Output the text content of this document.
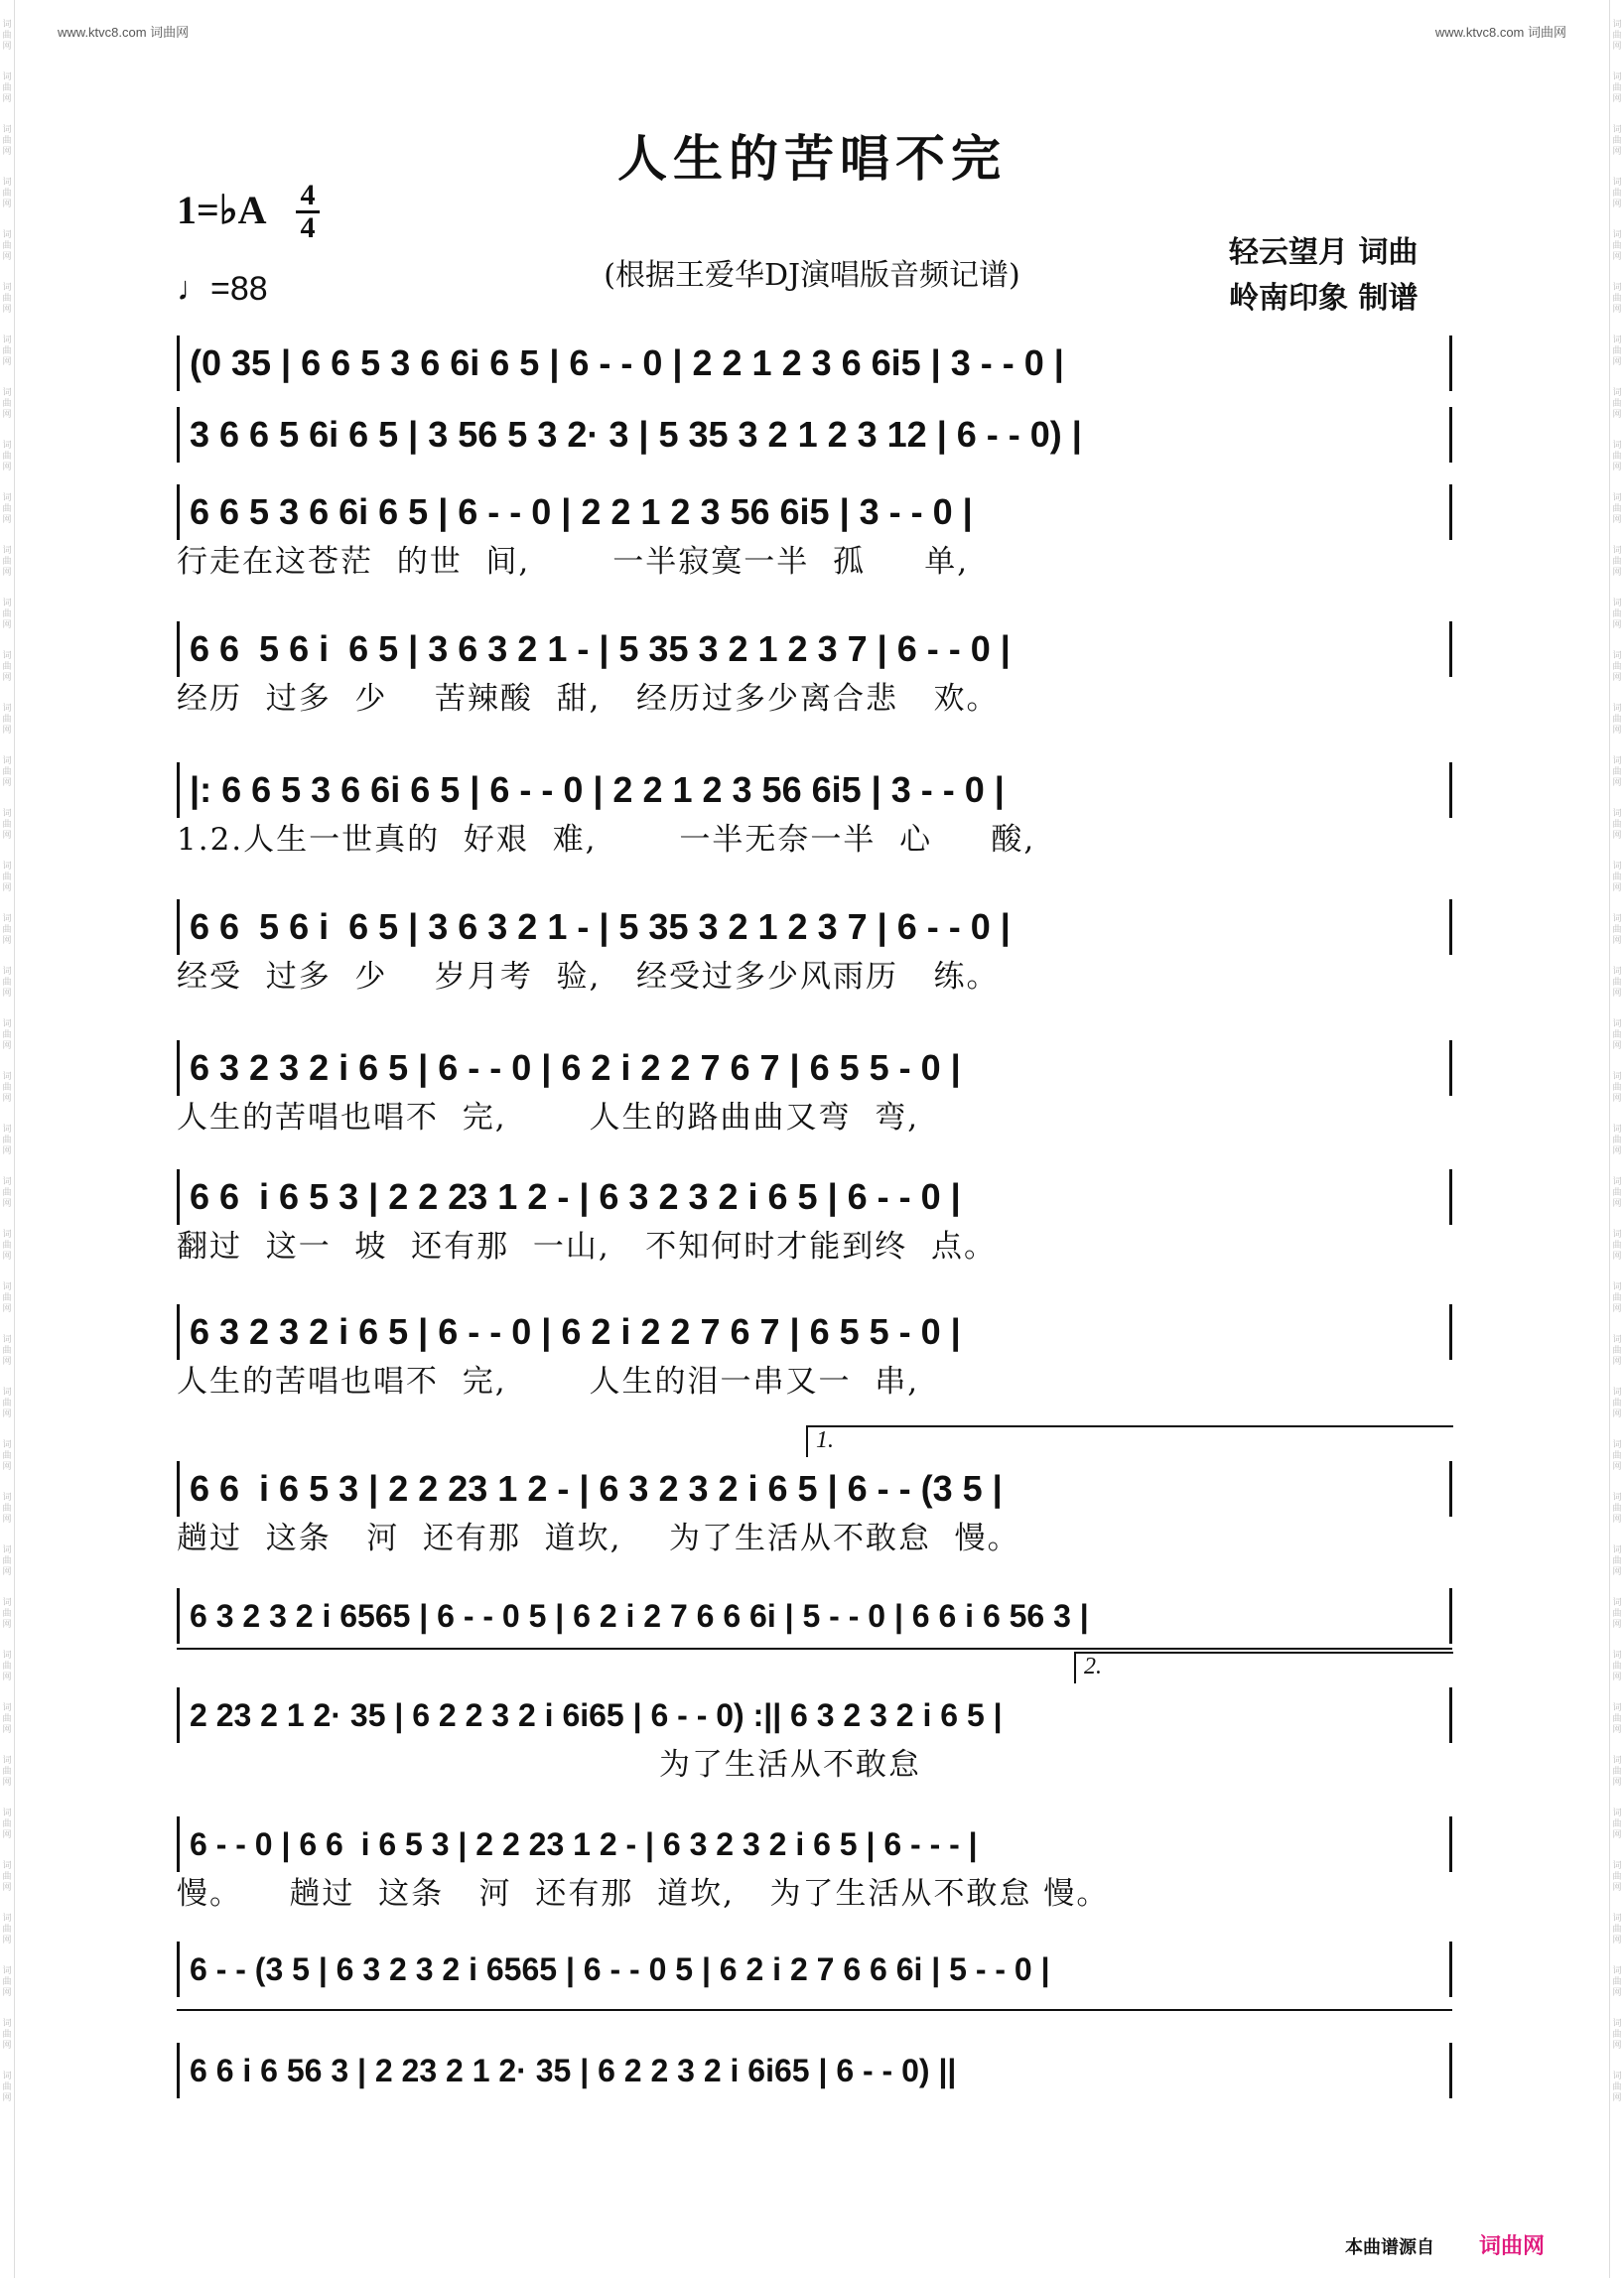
www.ktvc8.com 词曲网	www.ktvc8.com 词曲网
词曲网
词曲网
词曲网
词曲网
词曲网
词曲网
词曲网
词曲网
词曲网
词曲网
词曲网
词曲网
词曲网
词曲网
词曲网
词曲网
词曲网
词曲网
词曲网
词曲网
词曲网
词曲网
词曲网
词曲网
词曲网
词曲网
词曲网
词曲网
词曲网
词曲网
词曲网
词曲网
词曲网
词曲网
词曲网
词曲网
词曲网
词曲网
词曲网
词曲网
词曲网
词曲网
词曲网
词曲网
词曲网
词曲网
词曲网
词曲网
词曲网
词曲网
词曲网
词曲网
词曲网
词曲网
词曲网
词曲网
词曲网
词曲网
词曲网
词曲网
词曲网
词曲网
词曲网
词曲网
词曲网
词曲网
词曲网
词曲网
词曲网
词曲网
词曲网
词曲网
词曲网
词曲网
词曲网
词曲网
词曲网
词曲网
词曲网
词曲网
人生的苦唱不完
1=♭A 4
4
♩=88	(根据王爱华DJ演唱版音频记谱)
轻云望月 词曲
岭南印象 制谱
(0 35 | 6 6 5 3 6 6i 6 5 | 6 - - 0 | 2 2 1 2 3 6 6i5 | 3 - - 0 |
3 6 6 5 6i 6 5 | 3 56 5 3 2· 3 | 5 35 3 2 1 2 3 12 | 6 - - 0) |
6 6 5 3 6 6i 6 5 | 6 - - 0 | 2 2 1 2 3 56 6i5 | 3 - - 0 |
行走在这苍茫  的世  间,       一半寂寞一半  孤     单,
6 6  5 6 i  6 5 | 3 6 3 2 1 - | 5 35 3 2 1 2 3 7 | 6 - - 0 |
经历  过多  少    苦辣酸  甜,   经历过多少离合悲   欢。
|: 6 6 5 3 6 6i 6 5 | 6 - - 0 | 2 2 1 2 3 56 6i5 | 3 - - 0 |
1.2.人生一世真的  好艰  难,       一半无奈一半  心     酸,
6 6  5 6 i  6 5 | 3 6 3 2 1 - | 5 35 3 2 1 2 3 7 | 6 - - 0 |
经受  过多  少    岁月考  验,   经受过多少风雨历   练。
6 3 2 3 2 i 6 5 | 6 - - 0 | 6 2 i 2 2 7 6 7 | 6 5 5 - 0 |
人生的苦唱也唱不  完,       人生的路曲曲又弯  弯,
6 6  i 6 5 3 | 2 2 23 1 2 - | 6 3 2 3 2 i 6 5 | 6 - - 0 |
翻过  这一  坡  还有那  一山,   不知何时才能到终  点。
6 3 2 3 2 i 6 5 | 6 - - 0 | 6 2 i 2 2 7 6 7 | 6 5 5 - 0 |
人生的苦唱也唱不  完,       人生的泪一串又一  串,
1.
6 6  i 6 5 3 | 2 2 23 1 2 - | 6 3 2 3 2 i 6 5 | 6 - - (3 5 |
趟过  这条   河  还有那  道坎,    为了生活从不敢怠  慢。
6 3 2 3 2 i 6565 | 6 - - 0 5 | 6 2 i 2 7 6 6 6i | 5 - - 0 | 6 6 i 6 56 3 |
2.
2 23 2 1 2· 35 | 6 2 2 3 2 i 6i65 | 6 - - 0) :|| 6 3 2 3 2 i 6 5 |
为了生活从不敢怠
6 - - 0 | 6 6  i 6 5 3 | 2 2 23 1 2 - | 6 3 2 3 2 i 6 5 | 6 - - - |
慢。    趟过  这条   河  还有那  道坎,   为了生活从不敢怠 慢。
6 - - (3 5 | 6 3 2 3 2 i 6565 | 6 - - 0 5 | 6 2 i 2 7 6 6 6i | 5 - - 0 |
6 6 i 6 56 3 | 2 23 2 1 2· 35 | 6 2 2 3 2 i 6i65 | 6 - - 0) ||
本曲谱源自 词曲网
